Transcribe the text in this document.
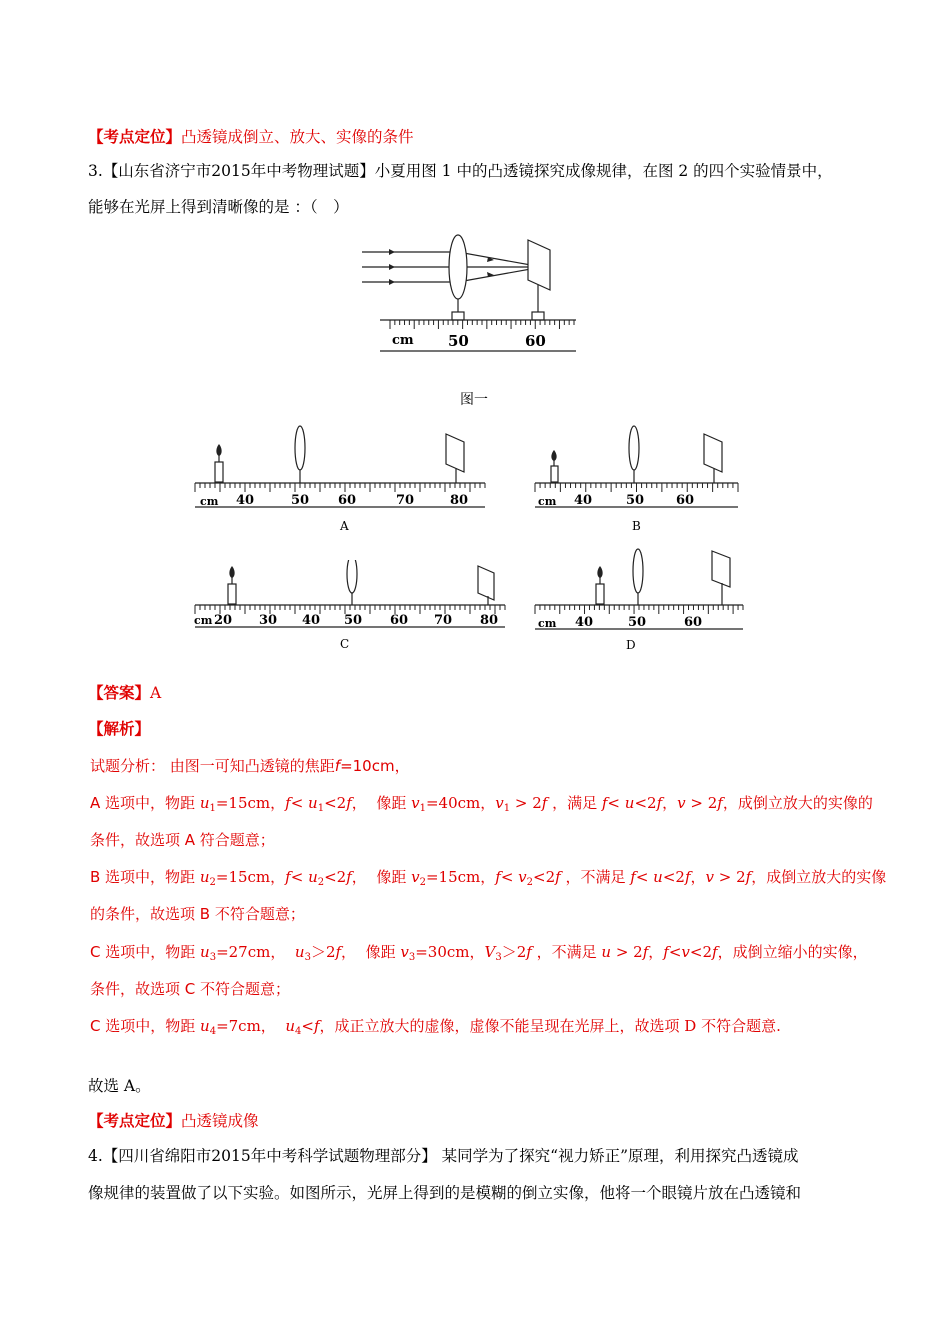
【考点定位】凸透镜成倒立、放大、实像的条件
3.【山东省济宁市2015年中考物理试题】小夏用图 1 中的凸透镜探究成像规律，在图 2 的四个实验情景中，
能够在光屏上得到清晰像的是 ：（　）
cm 50	60
图一
cm 40	50 60	70	80
A
cm 40	50 60
B
cm 20 30 40 50 60 70 80
C
cm 40	50	60
D
【答案】A
【解析】
试题分析： 由图一可知凸透镜的焦距f=10cm，
A 选项中，物距 $u_1=15cm$，$f< u_1<2f$，  像距 $v_1=40cm$，$v_1 > 2f$ ，满足 f< u<2f，v > 2f，成倒立放大的实像的
条件，故选项 A 符合题意；
B 选项中，物距 $u_2=15cm$，$f< u_2<2f$，  像距 $v_2=15cm$，$f< v_2<2f$ ，不满足 f< u<2f，v > 2f，成倒立放大的实像
的条件，故选项 B 不符合题意；
C 选项中，物距 $u_3=27cm$，  $u_3>2f$，  像距 $v_3=30cm$，$V_3>2f$ ，不满足 u > 2f，f<v<2f，成倒立缩小的实像，
条件，故选项 C 不符合题意；
C 选项中，物距 $u_4=7cm$，  $u_4<f$，成正立放大的虚像，虚像不能呈现在光屏上，故选项 D 不符合题意.
故选 A。
【考点定位】凸透镜成像
4.【四川省绵阳市2015年中考科学试题物理部分】 某同学为了探究“视力矫正”原理，利用探究凸透镜成
像规律的装置做了以下实验。如图所示，光屏上得到的是模糊的倒立实像，他将一个眼镜片放在凸透镜和
